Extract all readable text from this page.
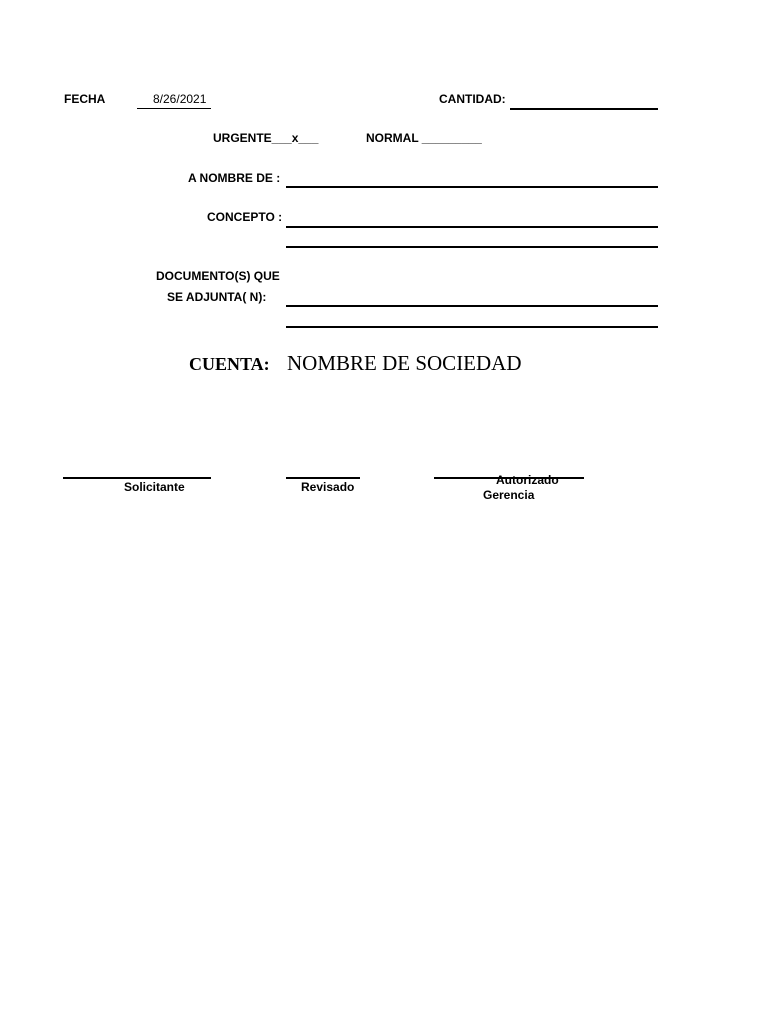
FECHA	8/26/2021	CANTIDAD:
URGENTE___x___	NORMAL _________
A NOMBRE DE :
CONCEPTO :
DOCUMENTO(S) QUE
SE ADJUNTA( N):
CUENTA: NOMBRE DE SOCIEDAD
Solicitante	Revisado	Autorizado
Gerencia
